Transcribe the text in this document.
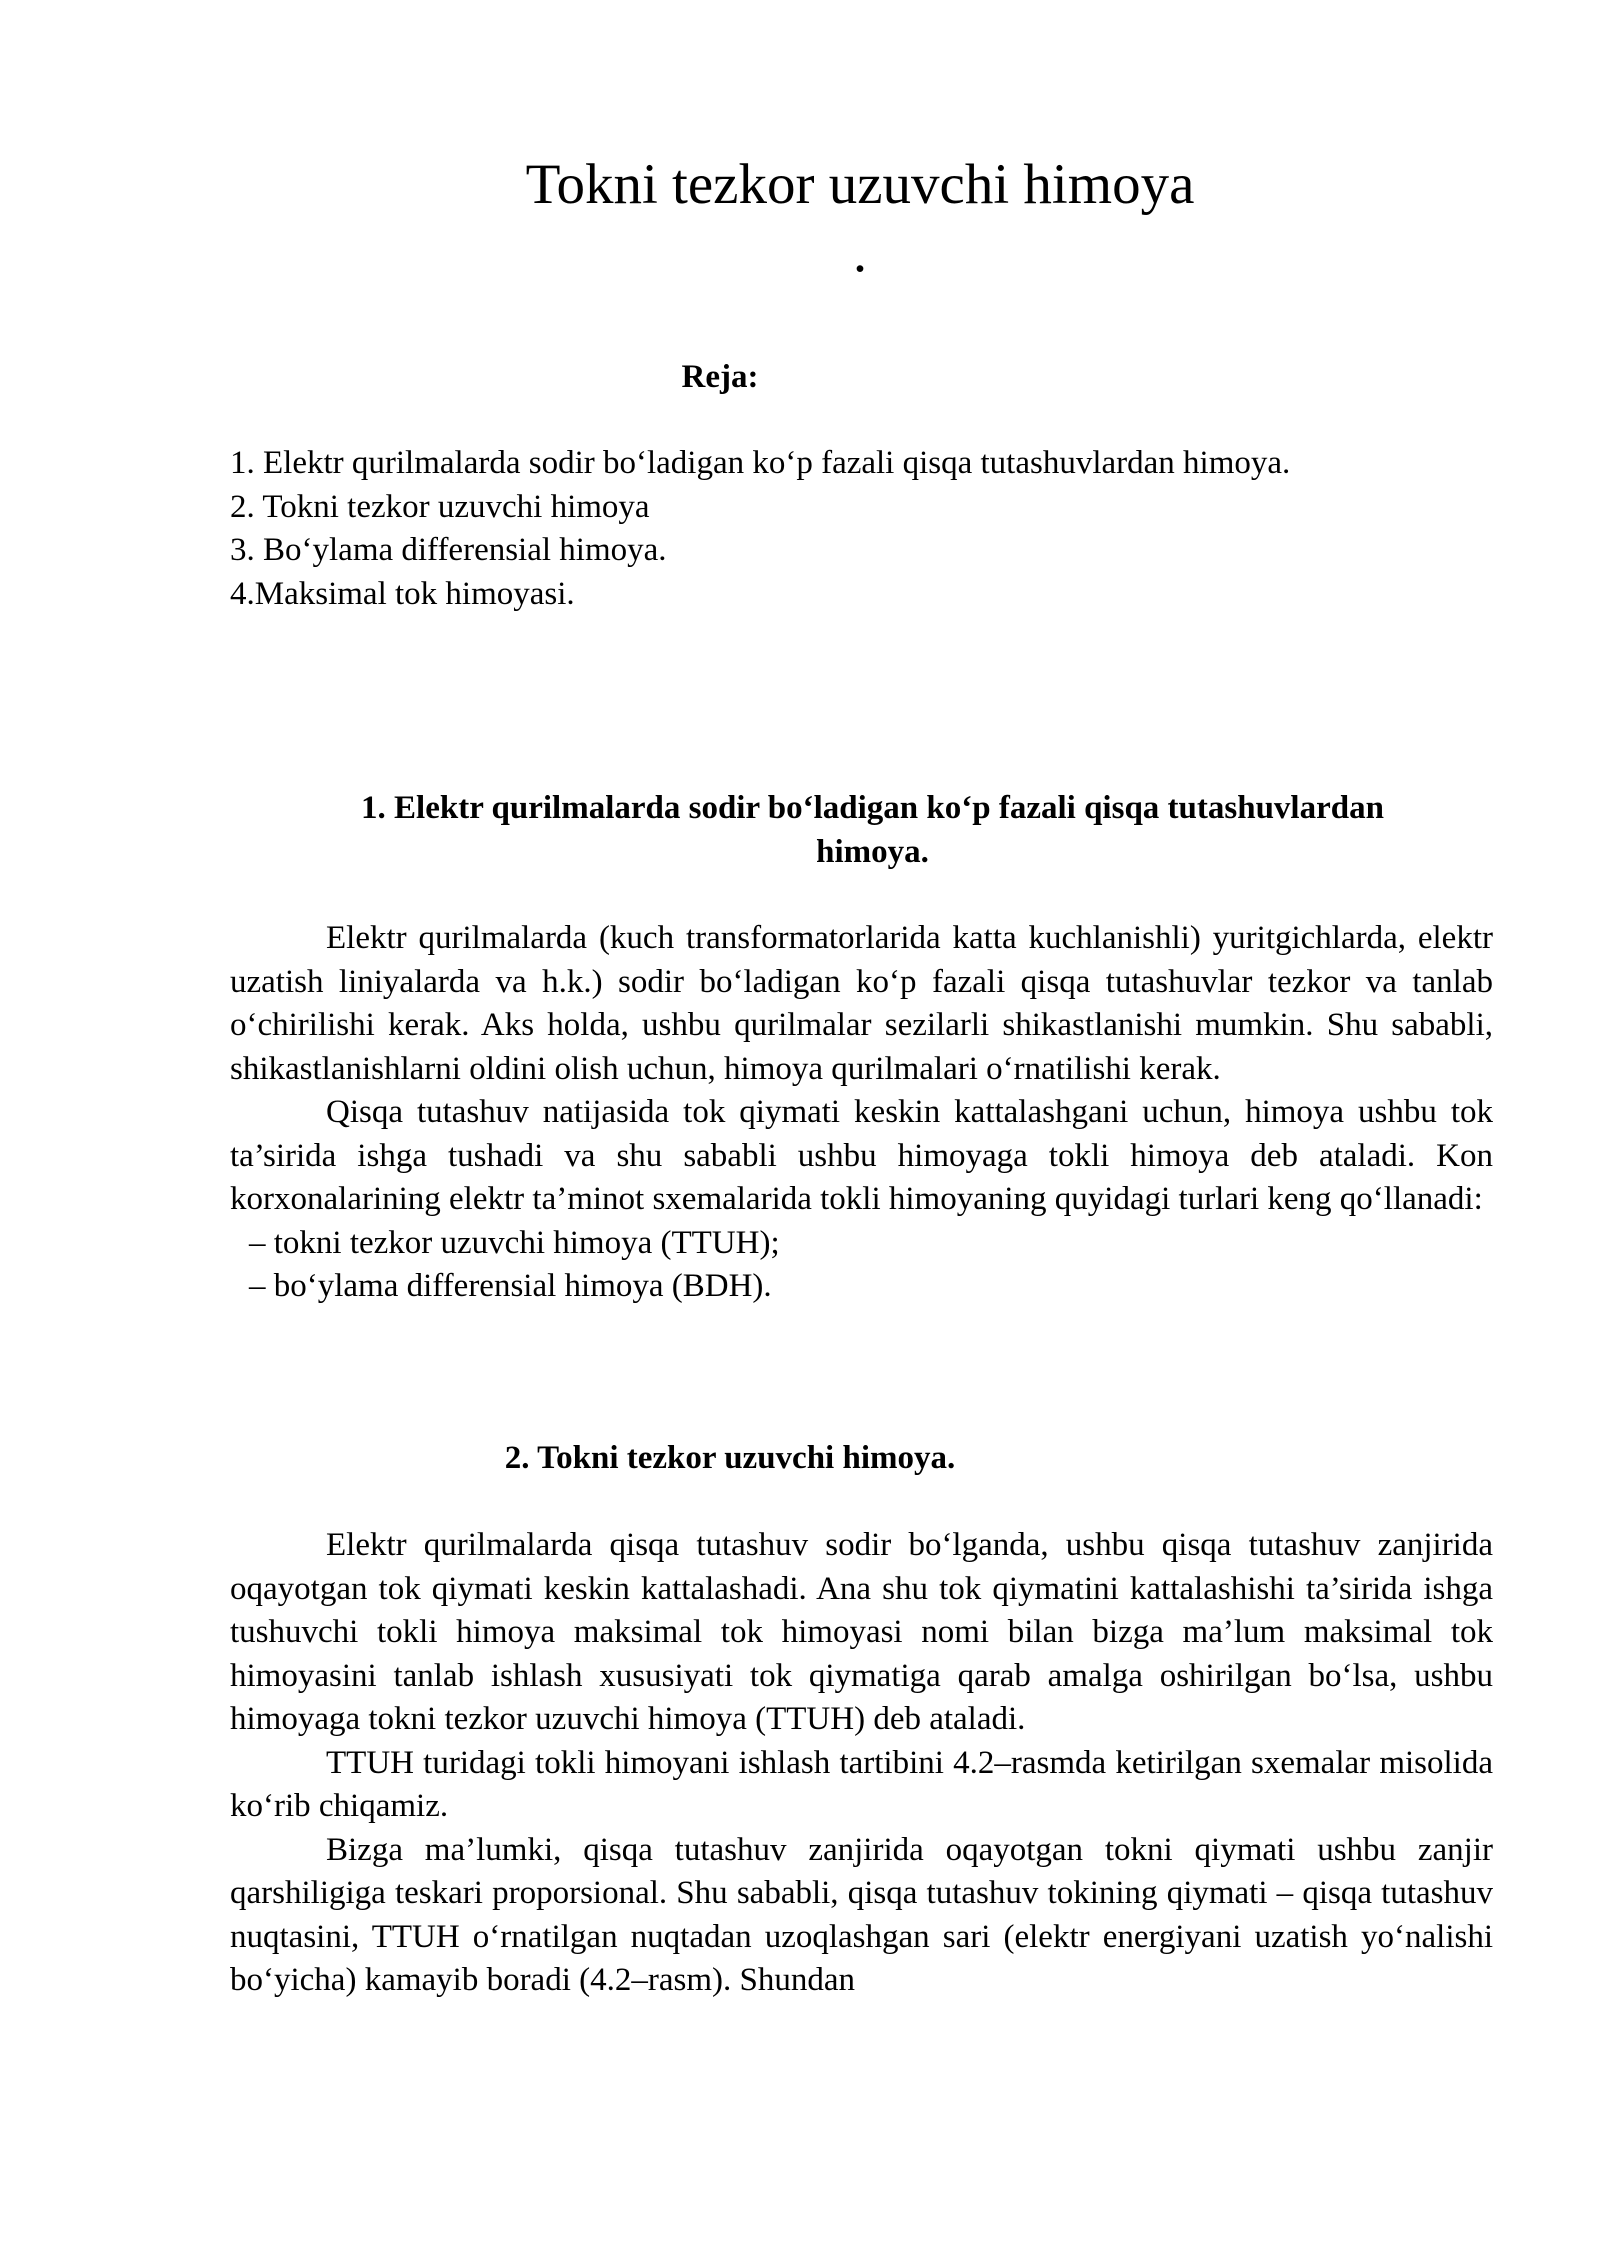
Tokni tezkor uzuvchi himoya
.
Reja:
1. Elektr qurilmalarda sodir bo‘ladigan ko‘p fazali qisqa tutashuvlardan himoya.
2. Tokni tezkor uzuvchi himoya
3. Bo‘ylama differensial himoya.
4.Maksimal tok himoyasi.
1. Elektr qurilmalarda sodir bo‘ladigan ko‘p fazali qisqa tutashuvlardan
himoya.

Elektr qurilmalarda (kuch transformatorlarida katta kuchlanishli) yuritgichlarda, elektr uzatish liniyalarda va h.k.) sodir bo‘ladigan ko‘p fazali qisqa tutashuvlar tezkor va tanlab o‘chirilishi kerak. Aks holda, ushbu qurilmalar sezilarli shikastlanishi mumkin. Shu sababli, shikastlanishlarni oldini olish uchun, himoya qurilmalari o‘rnatilishi kerak.

Qisqa tutashuv natijasida tok qiymati keskin kattalashgani uchun, himoya ushbu tok ta’sirida ishga tushadi va shu sababli ushbu himoyaga tokli himoya deb ataladi. Kon korxonalarining elektr ta’minot sxemalarida tokli himoyaning quyidagi turlari keng qo‘llanadi:

– tokni tezkor uzuvchi himoya (TTUH);
– bo‘ylama differensial himoya (BDH).
2. Tokni tezkor uzuvchi himoya.

Elektr qurilmalarda qisqa tutashuv sodir bo‘lganda, ushbu qisqa tutashuv zanjirida oqayotgan tok qiymati keskin kattalashadi. Ana shu tok qiymatini kattalashishi ta’sirida ishga tushuvchi tokli himoya maksimal tok himoyasi nomi bilan bizga ma’lum maksimal tok himoyasini tanlab ishlash xususiyati tok qiymatiga qarab amalga oshirilgan bo‘lsa, ushbu himoyaga tokni tezkor uzuvchi himoya (TTUH) deb ataladi.

TTUH turidagi tokli himoyani ishlash tartibini 4.2–rasmda ketirilgan sxemalar misolida ko‘rib chiqamiz.

Bizga ma’lumki, qisqa tutashuv zanjirida oqayotgan tokni qiymati ushbu zanjir qarshiligiga teskari proporsional. Shu sababli, qisqa tutashuv tokining qiymati – qisqa tutashuv nuqtasini, TTUH o‘rnatilgan nuqtadan uzoqlashgan sari (elektr energiyani uzatish yo‘nalishi bo‘yicha) kamayib boradi (4.2–rasm). Shundan
